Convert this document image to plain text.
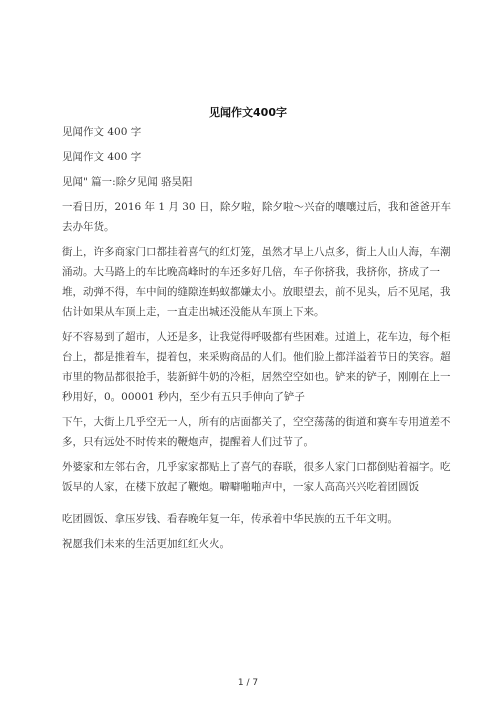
见闻作文400字

见闻作文 400 字

见闻作文 400 字

见闻" 篇一:除夕见闻 骆昊阳

一看日历，2016 年 1 月 30 日，除夕啦，除夕啦～兴奋的嚷嚷过后，我和爸爸开车去办年货。

街上，许多商家门口都挂着喜气的红灯笼，虽然才早上八点多，街上人山人海，车潮涌动。大马路上的车比晚高峰时的车还多好几倍，车子你挤我，我挤你，挤成了一堆，动弹不得，车中间的缝隙连蚂蚁都嫌太小。放眼望去，前不见头，后不见尾，我估计如果从车顶上走，一直走出城还没能从车顶上下来。

好不容易到了超市，人还是多，让我觉得呼吸都有些困难。过道上，花车边，每个柜台上，都是推着车，提着包，来采购商品的人们。他们脸上都洋溢着节日的笑容。超市里的物品都很抢手，装新鲜牛奶的冷柜，居然空空如也。铲来的铲子，刚刚在上一秒用好，0。00001 秒内，至少有五只手伸向了铲子

下午，大街上几乎空无一人，所有的店面都关了，空空荡荡的街道和赛车专用道差不多，只有远处不时传来的鞭炮声，提醒着人们过节了。

外婆家和左邻右舍，几乎家家都贴上了喜气的春联，很多人家门口都倒贴着福字。吃饭早的人家，在楼下放起了鞭炮。噼噼啪啪声中，一家人高高兴兴吃着团圆饭

吃团圆饭、拿压岁钱、看春晚年复一年，传承着中华民族的五千年文明。

祝愿我们未来的生活更加红红火火。

1 / 7
